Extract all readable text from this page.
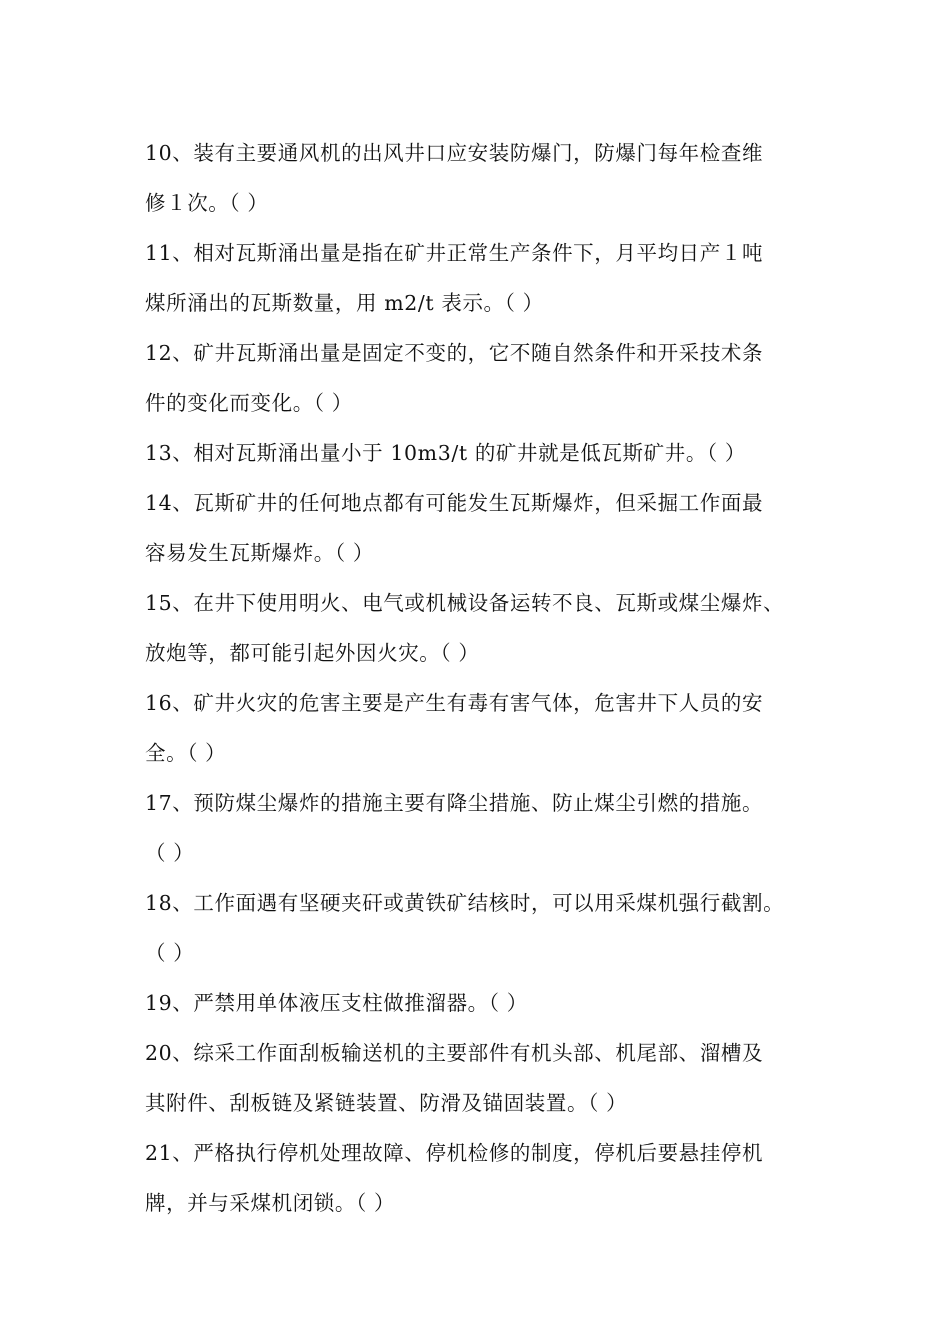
10、装有主要通风机的出风井口应安装防爆门，防爆门每年检查维
修１次。（ ）
11、相对瓦斯涌出量是指在矿井正常生产条件下，月平均日产１吨
煤所涌出的瓦斯数量，用 m2/t 表示。（ ）
12、矿井瓦斯涌出量是固定不变的，它不随自然条件和开采技术条
件的变化而变化。（ ）
13、相对瓦斯涌出量小于 10m3/t 的矿井就是低瓦斯矿井。（ ）
14、瓦斯矿井的任何地点都有可能发生瓦斯爆炸，但采掘工作面最
容易发生瓦斯爆炸。（ ）
15、在井下使用明火、电气或机械设备运转不良、瓦斯或煤尘爆炸、
放炮等，都可能引起外因火灾。（ ）
16、矿井火灾的危害主要是产生有毒有害气体，危害井下人员的安
全。（ ）
17、预防煤尘爆炸的措施主要有降尘措施、防止煤尘引燃的措施。
（ ）
18、工作面遇有坚硬夹矸或黄铁矿结核时，可以用采煤机强行截割。
（ ）
19、严禁用单体液压支柱做推溜器。（ ）
20、综采工作面刮板输送机的主要部件有机头部、机尾部、溜槽及
其附件、刮板链及紧链装置、防滑及锚固装置。（ ）
21、严格执行停机处理故障、停机检修的制度，停机后要悬挂停机
牌，并与采煤机闭锁。（ ）
